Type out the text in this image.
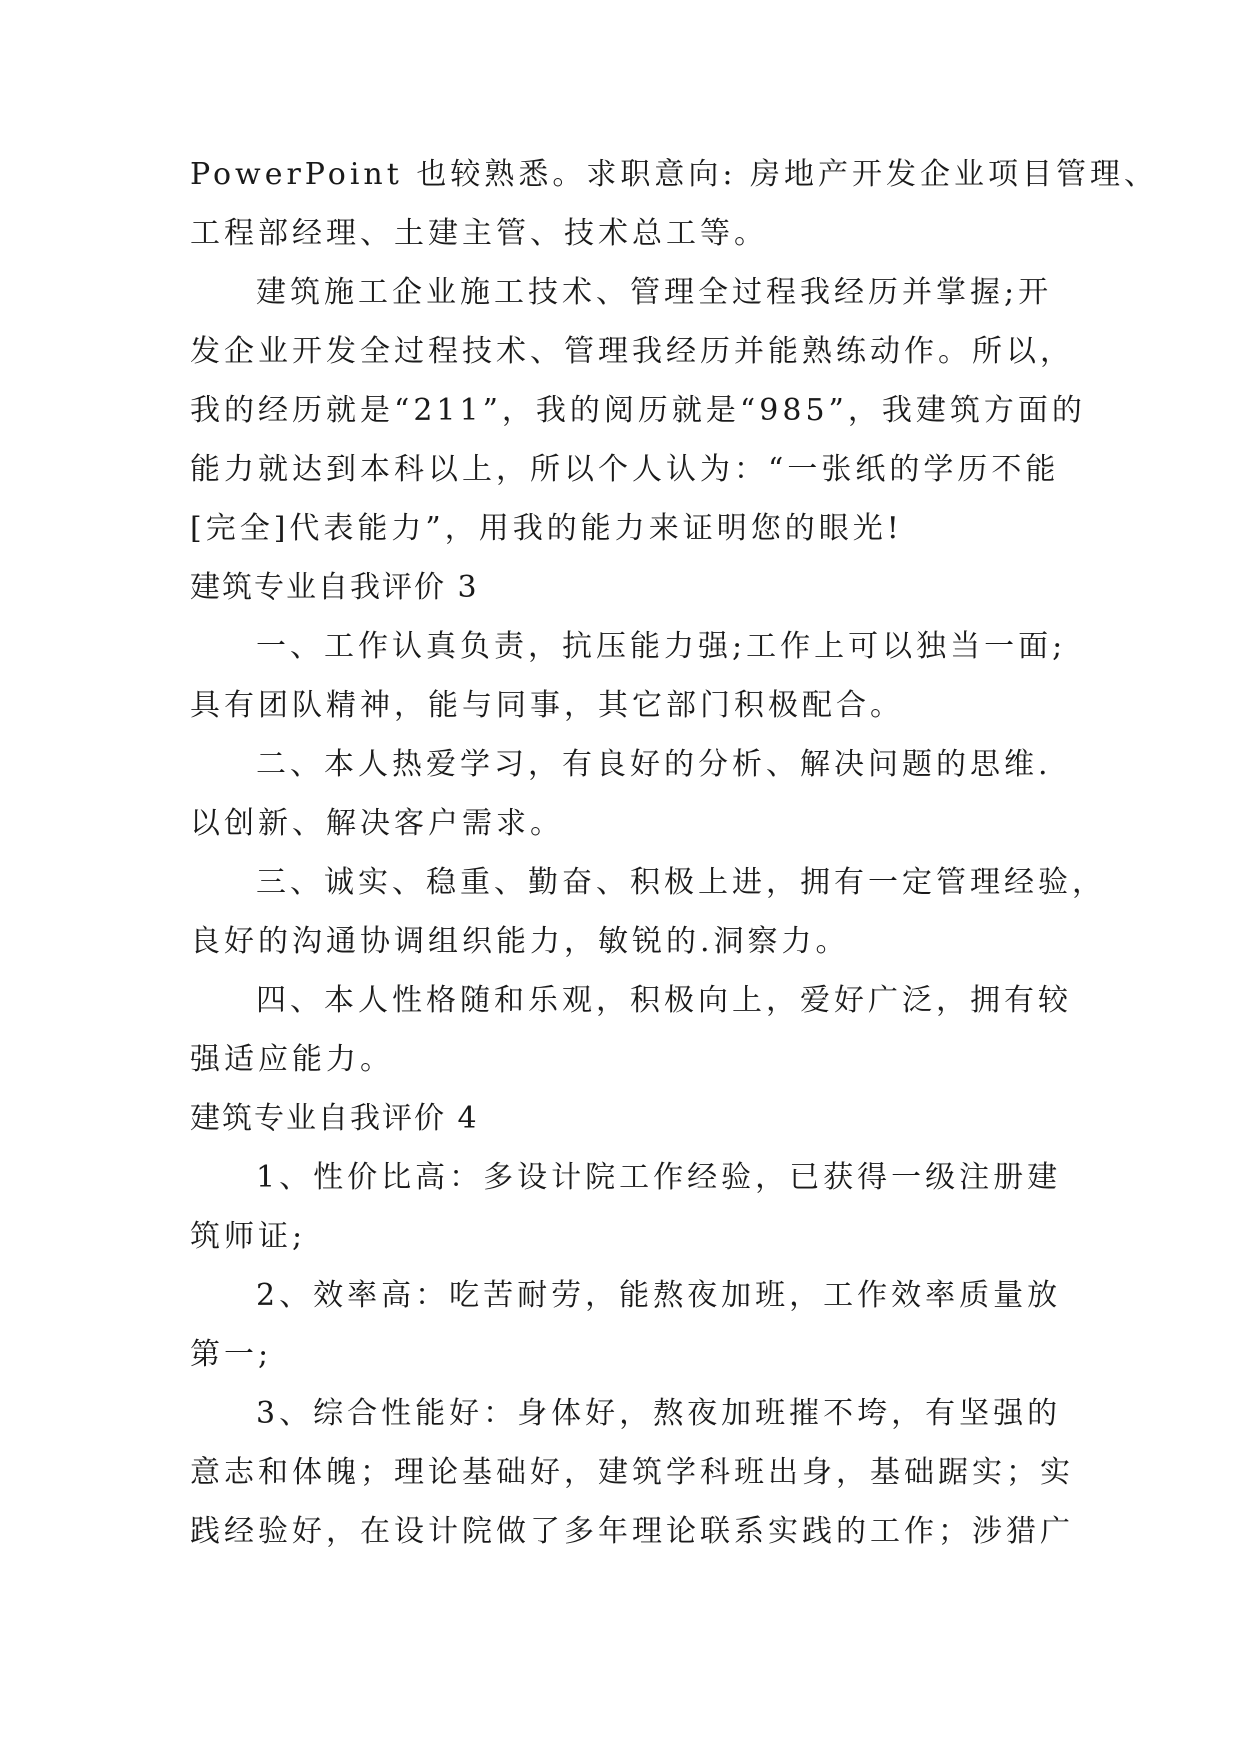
PowerPoint 也较熟悉。求职意向: 房地产开发企业项目管理、
工程部经理、土建主管、技术总工等。
建筑施工企业施工技术、管理全过程我经历并掌握;开
发企业开发全过程技术、管理我经历并能熟练动作。所以，
我的经历就是“211”，我的阅历就是“985”，我建筑方面的
能力就达到本科以上，所以个人认为：“一张纸的学历不能
[完全]代表能力”，用我的能力来证明您的眼光!
建筑专业自我评价 3
一、工作认真负责，抗压能力强;工作上可以独当一面;
具有团队精神，能与同事，其它部门积极配合。
二、本人热爱学习，有良好的分析、解决问题的思维.
以创新、解决客户需求。
三、诚实、稳重、勤奋、积极上进，拥有一定管理经验，
良好的沟通协调组织能力，敏锐的.洞察力。
四、本人性格随和乐观，积极向上，爱好广泛，拥有较
强适应能力。
建筑专业自我评价 4
1、性价比高：多设计院工作经验，已获得一级注册建
筑师证;
2、效率高：吃苦耐劳，能熬夜加班，工作效率质量放
第一;
3、综合性能好：身体好，熬夜加班摧不垮，有坚强的
意志和体魄；理论基础好，建筑学科班出身，基础踞实；实
践经验好，在设计院做了多年理论联系实践的工作；涉猎广
